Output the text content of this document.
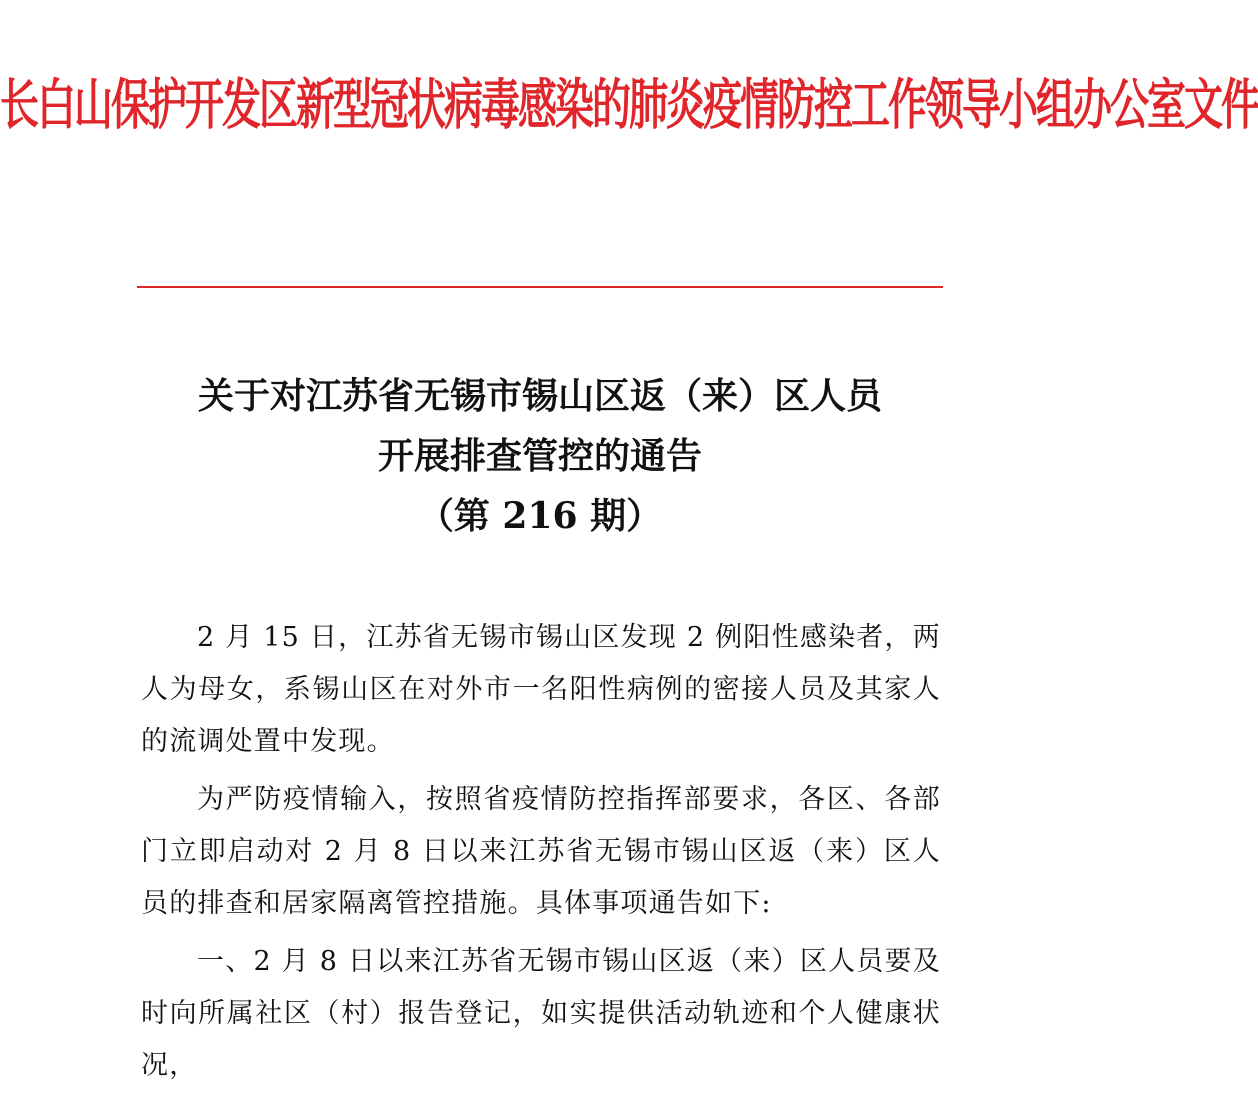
长白山保护开发区新型冠状病毒感染的肺炎疫情防控工作领导小组办公室文件
关于对江苏省无锡市锡山区返（来）区人员
开展排查管控的通告
（第 216 期）

2 月 15 日，江苏省无锡市锡山区发现 2 例阳性感染者，两人为母女，系锡山区在对外市一名阳性病例的密接人员及其家人的流调处置中发现。

为严防疫情输入，按照省疫情防控指挥部要求，各区、各部门立即启动对 2 月 8 日以来江苏省无锡市锡山区返（来）区人员的排查和居家隔离管控措施。具体事项通告如下:

一、2 月 8 日以来江苏省无锡市锡山区返（来）区人员要及时向所属社区（村）报告登记，如实提供活动轨迹和个人健康状况，
